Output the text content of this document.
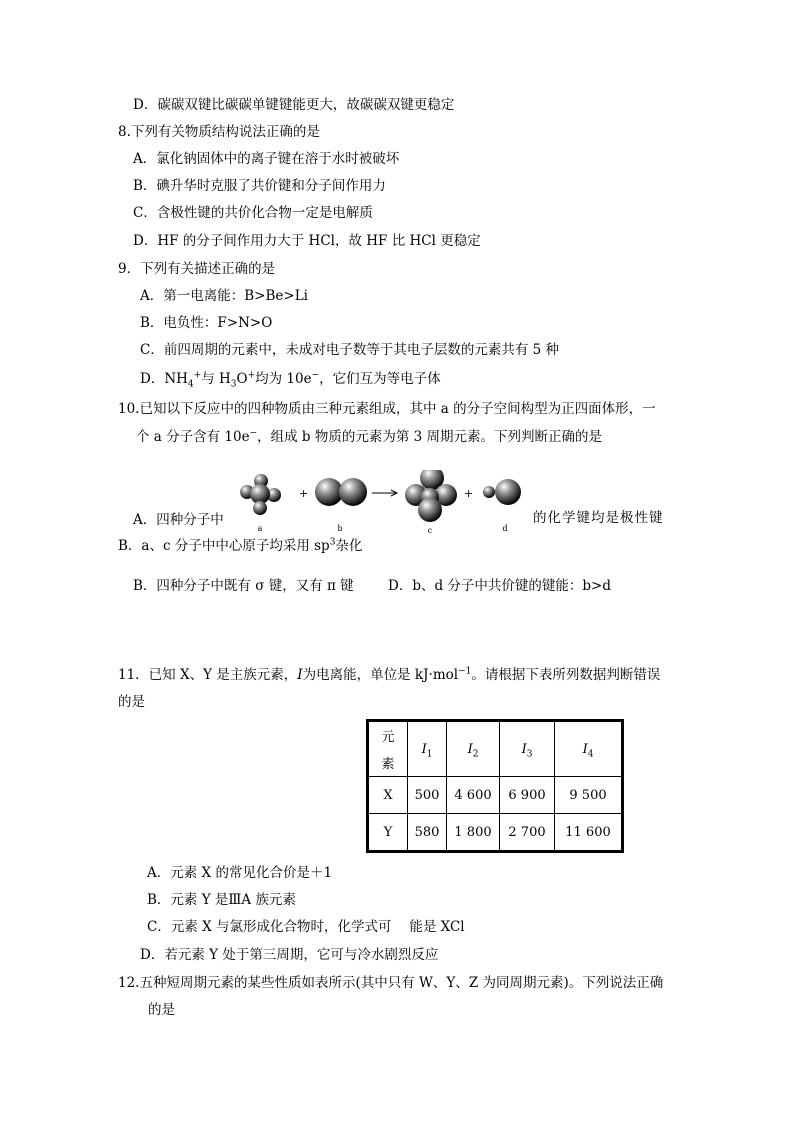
D．碳碳双键比碳碳单键键能更大，故碳碳双键更稳定
8.下列有关物质结构说法正确的是
A．氯化钠固体中的离子键在溶于水时被破坏
B．碘升华时克服了共价键和分子间作用力
C．含极性键的共价化合物一定是电解质
D．HF 的分子间作用力大于 HCl，故 HF 比 HCl 更稳定
9．下列有关描述正确的是
A．第一电离能：B>Be>Li
B．电负性：F>N>O
C．前四周期的元素中，未成对电子数等于其电子层数的元素共有 5 种
D．$NH_4^+$与 $H_3O^+$均为 10e−，它们互为等电子体
10.已知以下反应中的四种物质由三种元素组成，其中 a 的分子空间构型为正四面体形，一
个 a 分子含有 10e−，组成 b 物质的元素为第 3 周期元素。下列判断正确的是
+	+
a	b	c	d
A．四种分子中	的化学键均是极性键
B．a、c 分子中中心原子均采用 $sp^3$杂化
B．四种分子中既有 σ 键，又有 π 键	D．b、d 分子中共价键的键能：b>d
11．已知 X、Y 是主族元素，I为电离能，单位是 kJ·mol$^{-1}$。请根据下表所列数据判断错误
的是
元
素	$I_1$	$I_2$	$I_3$	$I_4$
X	500	4 600	6 900	9 500
Y	580	1 800	2 700	11 600
A．元素 X 的常见化合价是＋1
B．元素 Y 是ⅢA 族元素
C．元素 X 与氯形成化合物时，化学式可　 能是 XCl
D．若元素 Y 处于第三周期，它可与冷水剧烈反应
12.五种短周期元素的某些性质如表所示(其中只有 W、Y、Z 为同周期元素)。下列说法正确
的是
